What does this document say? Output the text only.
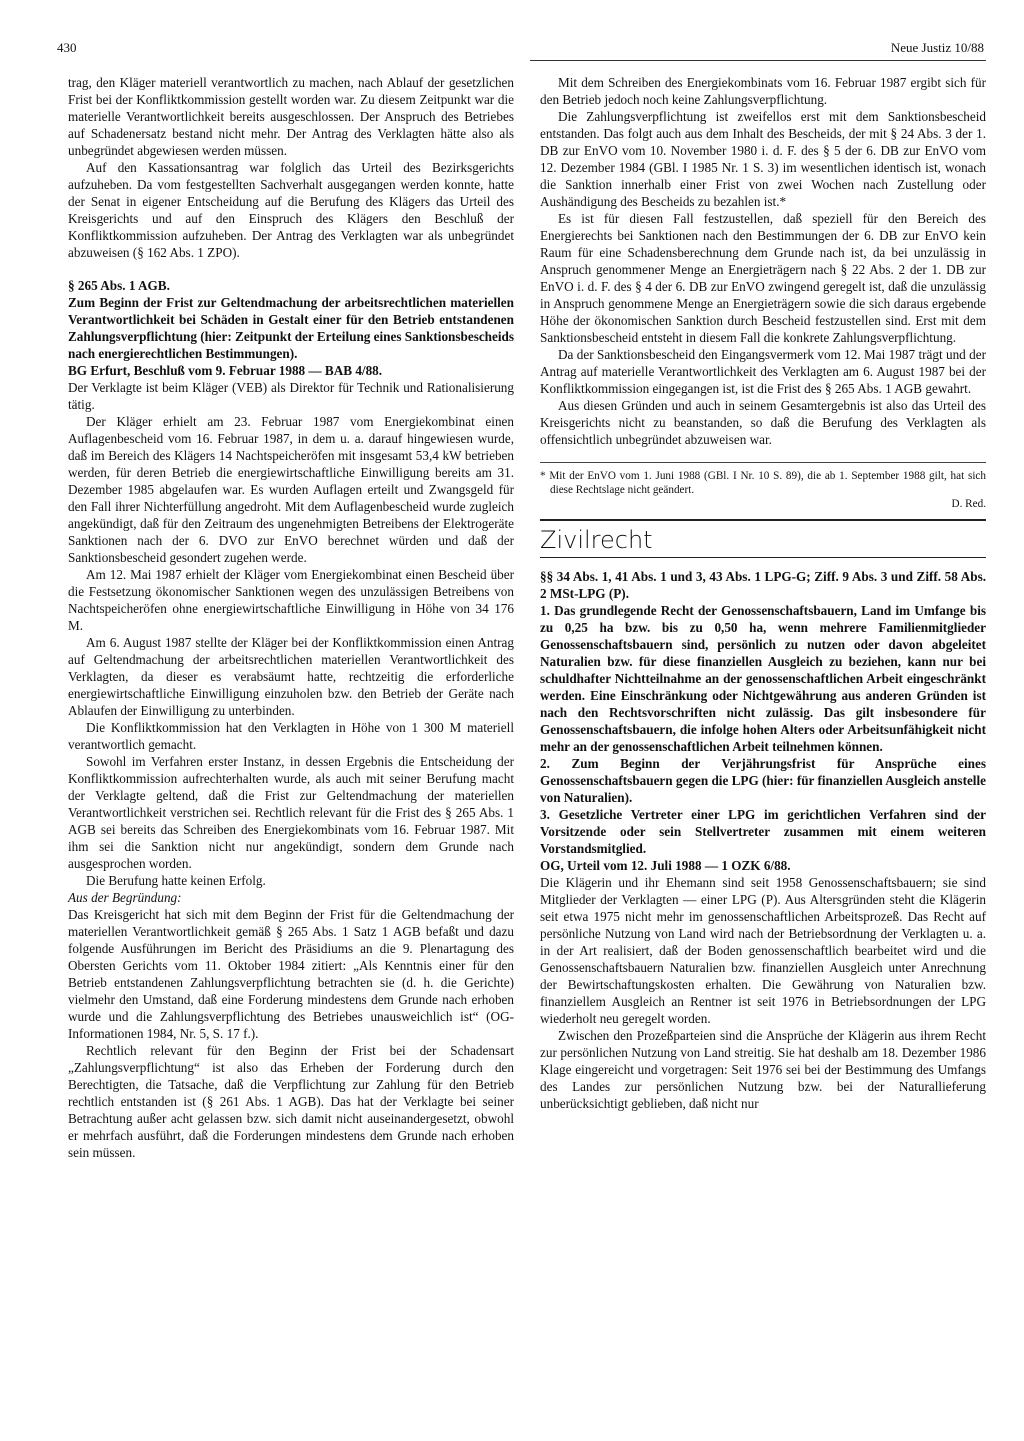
430	Neue Justiz 10/88

trag, den Kläger materiell verantwortlich zu machen, nach Ablauf der gesetzlichen Frist bei der Konfliktkommission gestellt worden war. Zu diesem Zeitpunkt war die materielle Verantwortlichkeit bereits ausgeschlossen. Der Anspruch des Betriebes auf Schadenersatz bestand nicht mehr. Der Antrag des Verklagten hätte also als unbegründet abgewiesen werden müssen.

Auf den Kassationsantrag war folglich das Urteil des Bezirksgerichts aufzuheben. Da vom festgestellten Sachverhalt ausgegangen werden konnte, hatte der Senat in eigener Entscheidung auf die Berufung des Klägers das Urteil des Kreisgerichts und auf den Einspruch des Klägers den Beschluß der Konfliktkommission aufzuheben. Der Antrag des Verklagten war als unbegründet abzuweisen (§ 162 Abs. 1 ZPO).

§ 265 Abs. 1 AGB.

Zum Beginn der Frist zur Geltendmachung der arbeitsrechtlichen materiellen Verantwortlichkeit bei Schäden in Gestalt einer für den Betrieb entstandenen Zahlungsverpflichtung (hier: Zeitpunkt der Erteilung eines Sanktionsbescheids nach energierechtlichen Bestimmungen).

BG Erfurt, Beschluß vom 9. Februar 1988 — BAB 4/88.

Der Verklagte ist beim Kläger (VEB) als Direktor für Technik und Rationalisierung tätig.

Der Kläger erhielt am 23. Februar 1987 vom Energiekombinat einen Auflagenbescheid vom 16. Februar 1987, in dem u. a. darauf hingewiesen wurde, daß im Bereich des Klägers 14 Nachtspeicheröfen mit insgesamt 53,4 kW betrieben werden, für deren Betrieb die energiewirtschaftliche Einwilligung bereits am 31. Dezember 1985 abgelaufen war. Es wurden Auflagen erteilt und Zwangsgeld für den Fall ihrer Nichterfüllung angedroht. Mit dem Auflagenbescheid wurde zugleich angekündigt, daß für den Zeitraum des ungenehmigten Betreibens der Elektrogeräte Sanktionen nach der 6. DVO zur EnVO berechnet würden und daß der Sanktionsbescheid gesondert zugehen werde.

Am 12. Mai 1987 erhielt der Kläger vom Energiekombinat einen Bescheid über die Festsetzung ökonomischer Sanktionen wegen des unzulässigen Betreibens von Nachtspeicheröfen ohne energiewirtschaftliche Einwilligung in Höhe von 34 176 M.

Am 6. August 1987 stellte der Kläger bei der Konfliktkommission einen Antrag auf Geltendmachung der arbeitsrechtlichen materiellen Verantwortlichkeit des Verklagten, da dieser es verabsäumt hatte, rechtzeitig die erforderliche energiewirtschaftliche Einwilligung einzuholen bzw. den Betrieb der Geräte nach Ablaufen der Einwilligung zu unterbinden.

Die Konfliktkommission hat den Verklagten in Höhe von 1 300 M materiell verantwortlich gemacht.

Sowohl im Verfahren erster Instanz, in dessen Ergebnis die Entscheidung der Konfliktkommission aufrechterhalten wurde, als auch mit seiner Berufung macht der Verklagte geltend, daß die Frist zur Geltendmachung der materiellen Verantwortlichkeit verstrichen sei. Rechtlich relevant für die Frist des § 265 Abs. 1 AGB sei bereits das Schreiben des Energiekombinats vom 16. Februar 1987. Mit ihm sei die Sanktion nicht nur angekündigt, sondern dem Grunde nach ausgesprochen worden.

Die Berufung hatte keinen Erfolg.

Aus der Begründung:

Das Kreisgericht hat sich mit dem Beginn der Frist für die Geltendmachung der materiellen Verantwortlichkeit gemäß § 265 Abs. 1 Satz 1 AGB befaßt und dazu folgende Ausführungen im Bericht des Präsidiums an die 9. Plenartagung des Obersten Gerichts vom 11. Oktober 1984 zitiert: „Als Kenntnis einer für den Betrieb entstandenen Zahlungsverpflichtung betrachten sie (d. h. die Gerichte) vielmehr den Umstand, daß eine Forderung mindestens dem Grunde nach erhoben wurde und die Zahlungsverpflichtung des Betriebes unausweichlich ist“ (OG-Informationen 1984, Nr. 5, S. 17 f.).

Rechtlich relevant für den Beginn der Frist bei der Schadensart „Zahlungsverpflichtung“ ist also das Erheben der Forderung durch den Berechtigten, die Tatsache, daß die Verpflichtung zur Zahlung für den Betrieb rechtlich entstanden ist (§ 261 Abs. 1 AGB). Das hat der Verklagte bei seiner Betrachtung außer acht gelassen bzw. sich damit nicht auseinandergesetzt, obwohl er mehrfach ausführt, daß die Forderungen mindestens dem Grunde nach erhoben sein müssen.

Mit dem Schreiben des Energiekombinats vom 16. Februar 1987 ergibt sich für den Betrieb jedoch noch keine Zahlungsverpflichtung.

Die Zahlungsverpflichtung ist zweifellos erst mit dem Sanktionsbescheid entstanden. Das folgt auch aus dem Inhalt des Bescheids, der mit § 24 Abs. 3 der 1. DB zur EnVO vom 10. November 1980 i. d. F. des § 5 der 6. DB zur EnVO vom 12. Dezember 1984 (GBl. I 1985 Nr. 1 S. 3) im wesentlichen identisch ist, wonach die Sanktion innerhalb einer Frist von zwei Wochen nach Zustellung oder Aushändigung des Bescheids zu bezahlen ist.*

Es ist für diesen Fall festzustellen, daß speziell für den Bereich des Energierechts bei Sanktionen nach den Bestimmungen der 6. DB zur EnVO kein Raum für eine Schadensberechnung dem Grunde nach ist, da bei unzulässig in Anspruch genommener Menge an Energieträgern nach § 22 Abs. 2 der 1. DB zur EnVO i. d. F. des § 4 der 6. DB zur EnVO zwingend geregelt ist, daß die unzulässig in Anspruch genommene Menge an Energieträgern sowie die sich daraus ergebende Höhe der ökonomischen Sanktion durch Bescheid festzustellen sind. Erst mit dem Sanktionsbescheid entsteht in diesem Fall die konkrete Zahlungsverpflichtung.

Da der Sanktionsbescheid den Eingangsvermerk vom 12. Mai 1987 trägt und der Antrag auf materielle Verantwortlichkeit des Verklagten am 6. August 1987 bei der Konfliktkommission eingegangen ist, ist die Frist des § 265 Abs. 1 AGB gewahrt.

Aus diesen Gründen und auch in seinem Gesamtergebnis ist also das Urteil des Kreisgerichts nicht zu beanstanden, so daß die Berufung des Verklagten als offensichtlich unbegründet abzuweisen war.

* Mit der EnVO vom 1. Juni 1988 (GBl. I Nr. 10 S. 89), die ab 1. September 1988 gilt, hat sich diese Rechtslage nicht geändert.

D. Red.

Zivilrecht

§§ 34 Abs. 1, 41 Abs. 1 und 3, 43 Abs. 1 LPG-G; Ziff. 9 Abs. 3 und Ziff. 58 Abs. 2 MSt-LPG (P).

1. Das grundlegende Recht der Genossenschaftsbauern, Land im Umfange bis zu 0,25 ha bzw. bis zu 0,50 ha, wenn mehrere Familienmitglieder Genossenschaftsbauern sind, persönlich zu nutzen oder davon abgeleitet Naturalien bzw. für diese finanziellen Ausgleich zu beziehen, kann nur bei schuldhafter Nichtteilnahme an der genossenschaftlichen Arbeit eingeschränkt werden. Eine Einschränkung oder Nichtgewährung aus anderen Gründen ist nach den Rechtsvorschriften nicht zulässig. Das gilt insbesondere für Genossenschaftsbauern, die infolge hohen Alters oder Arbeitsunfähigkeit nicht mehr an der genossenschaftlichen Arbeit teilnehmen können.

2. Zum Beginn der Verjährungsfrist für Ansprüche eines Genossenschaftsbauern gegen die LPG (hier: für finanziellen Ausgleich anstelle von Naturalien).

3. Gesetzliche Vertreter einer LPG im gerichtlichen Verfahren sind der Vorsitzende oder sein Stellvertreter zusammen mit einem weiteren Vorstandsmitglied.

OG, Urteil vom 12. Juli 1988 — 1 OZK 6/88.

Die Klägerin und ihr Ehemann sind seit 1958 Genossenschaftsbauern; sie sind Mitglieder der Verklagten — einer LPG (P). Aus Altersgründen steht die Klägerin seit etwa 1975 nicht mehr im genossenschaftlichen Arbeitsprozeß. Das Recht auf persönliche Nutzung von Land wird nach der Betriebsordnung der Verklagten u. a. in der Art realisiert, daß der Boden genossenschaftlich bearbeitet wird und die Genossenschaftsbauern Naturalien bzw. finanziellen Ausgleich unter Anrechnung der Bewirtschaftungskosten erhalten. Die Gewährung von Naturalien bzw. finanziellem Ausgleich an Rentner ist seit 1976 in Betriebsordnungen der LPG wiederholt neu geregelt worden.

Zwischen den Prozeßparteien sind die Ansprüche der Klägerin aus ihrem Recht zur persönlichen Nutzung von Land streitig. Sie hat deshalb am 18. Dezember 1986 Klage eingereicht und vorgetragen: Seit 1976 sei bei der Bestimmung des Umfangs des Landes zur persönlichen Nutzung bzw. bei der Naturallieferung unberücksichtigt geblieben, daß nicht nur
